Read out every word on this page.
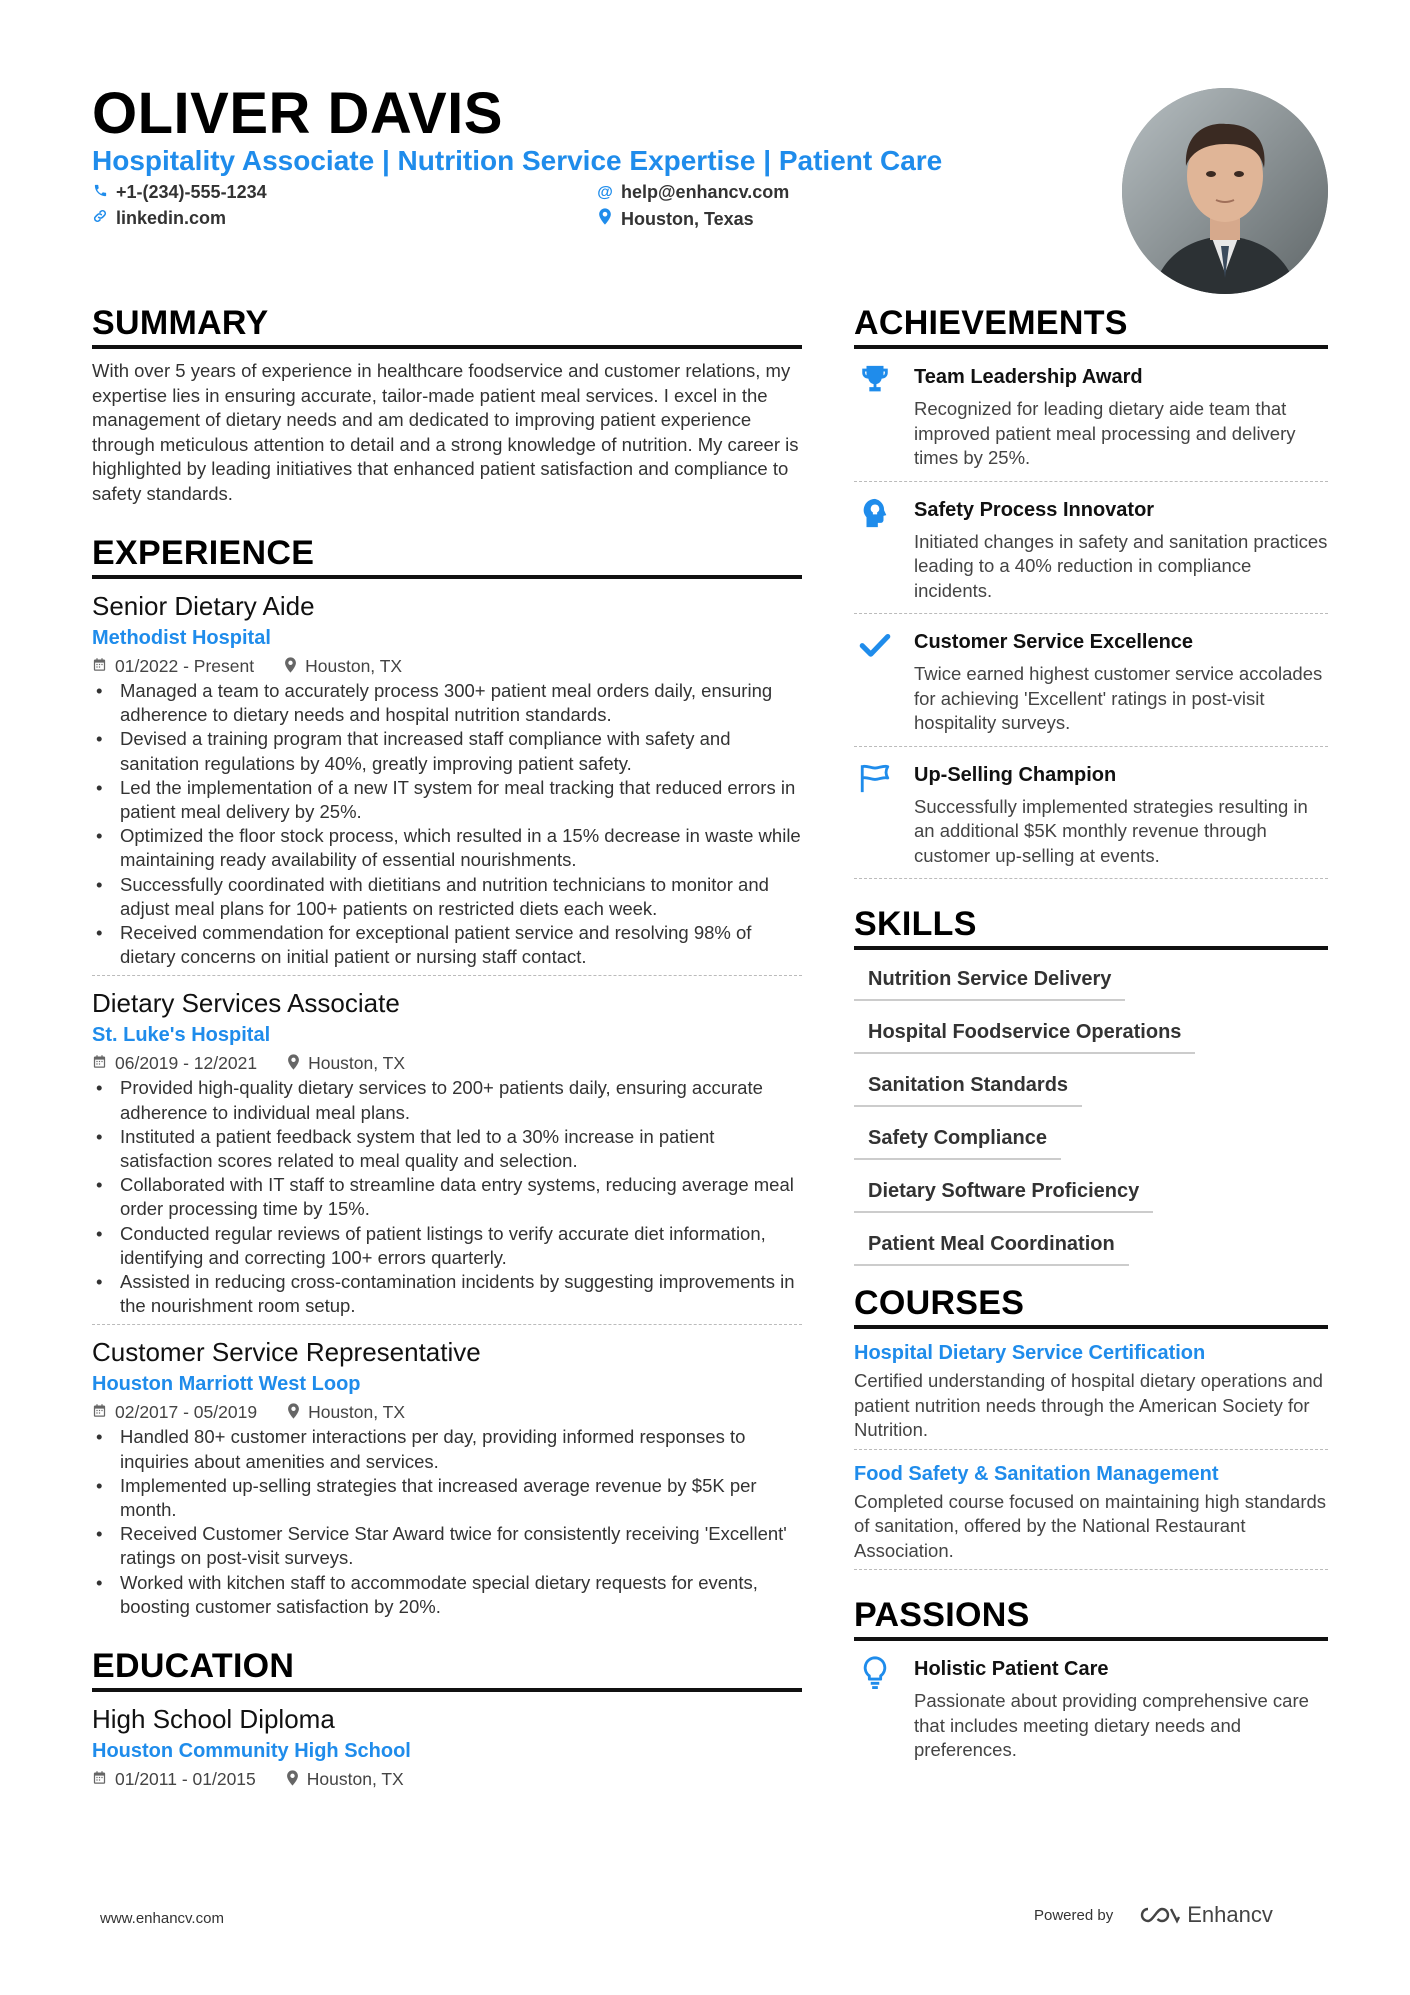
OLIVER DAVIS
Hospitality Associate | Nutrition Service Expertise | Patient Care
+1-(234)-555-1234
linkedin.com
@ help@enhancv.com
Houston, Texas
SUMMARY
With over 5 years of experience in healthcare foodservice and customer relations, my expertise lies in ensuring accurate, tailor-made patient meal services. I excel in the management of dietary needs and am dedicated to improving patient experience through meticulous attention to detail and a strong knowledge of nutrition. My career is highlighted by leading initiatives that enhanced patient satisfaction and compliance to safety standards.
EXPERIENCE
Senior Dietary Aide
Methodist Hospital
01/2022 - Present	Houston, TX
• Managed a team to accurately process 300+ patient meal orders daily, ensuring adherence to dietary needs and hospital nutrition standards.
• Devised a training program that increased staff compliance with safety and sanitation regulations by 40%, greatly improving patient safety.
• Led the implementation of a new IT system for meal tracking that reduced errors in patient meal delivery by 25%.
• Optimized the floor stock process, which resulted in a 15% decrease in waste while maintaining ready availability of essential nourishments.
• Successfully coordinated with dietitians and nutrition technicians to monitor and adjust meal plans for 100+ patients on restricted diets each week.
• Received commendation for exceptional patient service and resolving 98% of dietary concerns on initial patient or nursing staff contact.
Dietary Services Associate
St. Luke's Hospital
06/2019 - 12/2021	Houston, TX
• Provided high-quality dietary services to 200+ patients daily, ensuring accurate adherence to individual meal plans.
• Instituted a patient feedback system that led to a 30% increase in patient satisfaction scores related to meal quality and selection.
• Collaborated with IT staff to streamline data entry systems, reducing average meal order processing time by 15%.
• Conducted regular reviews of patient listings to verify accurate diet information, identifying and correcting 100+ errors quarterly.
• Assisted in reducing cross-contamination incidents by suggesting improvements in the nourishment room setup.
Customer Service Representative
Houston Marriott West Loop
02/2017 - 05/2019	Houston, TX
• Handled 80+ customer interactions per day, providing informed responses to inquiries about amenities and services.
• Implemented up-selling strategies that increased average revenue by $5K per month.
• Received Customer Service Star Award twice for consistently receiving 'Excellent' ratings on post-visit surveys.
• Worked with kitchen staff to accommodate special dietary requests for events, boosting customer satisfaction by 20%.
EDUCATION
High School Diploma
Houston Community High School
01/2011 - 01/2015	Houston, TX
ACHIEVEMENTS
Team Leadership Award
Recognized for leading dietary aide team that improved patient meal processing and delivery times by 25%.
Safety Process Innovator
Initiated changes in safety and sanitation practices leading to a 40% reduction in compliance incidents.
Customer Service Excellence
Twice earned highest customer service accolades for achieving 'Excellent' ratings in post-visit hospitality surveys.
Up-Selling Champion
Successfully implemented strategies resulting in an additional $5K monthly revenue through customer up-selling at events.
SKILLS
Nutrition Service Delivery
Hospital Foodservice Operations
Sanitation Standards
Safety Compliance
Dietary Software Proficiency
Patient Meal Coordination
COURSES
Hospital Dietary Service Certification
Certified understanding of hospital dietary operations and patient nutrition needs through the American Society for Nutrition.
Food Safety & Sanitation Management
Completed course focused on maintaining high standards of sanitation, offered by the National Restaurant Association.
PASSIONS
Holistic Patient Care
Passionate about providing comprehensive care that includes meeting dietary needs and preferences.
www.enhancv.com	Powered by	Enhancv
